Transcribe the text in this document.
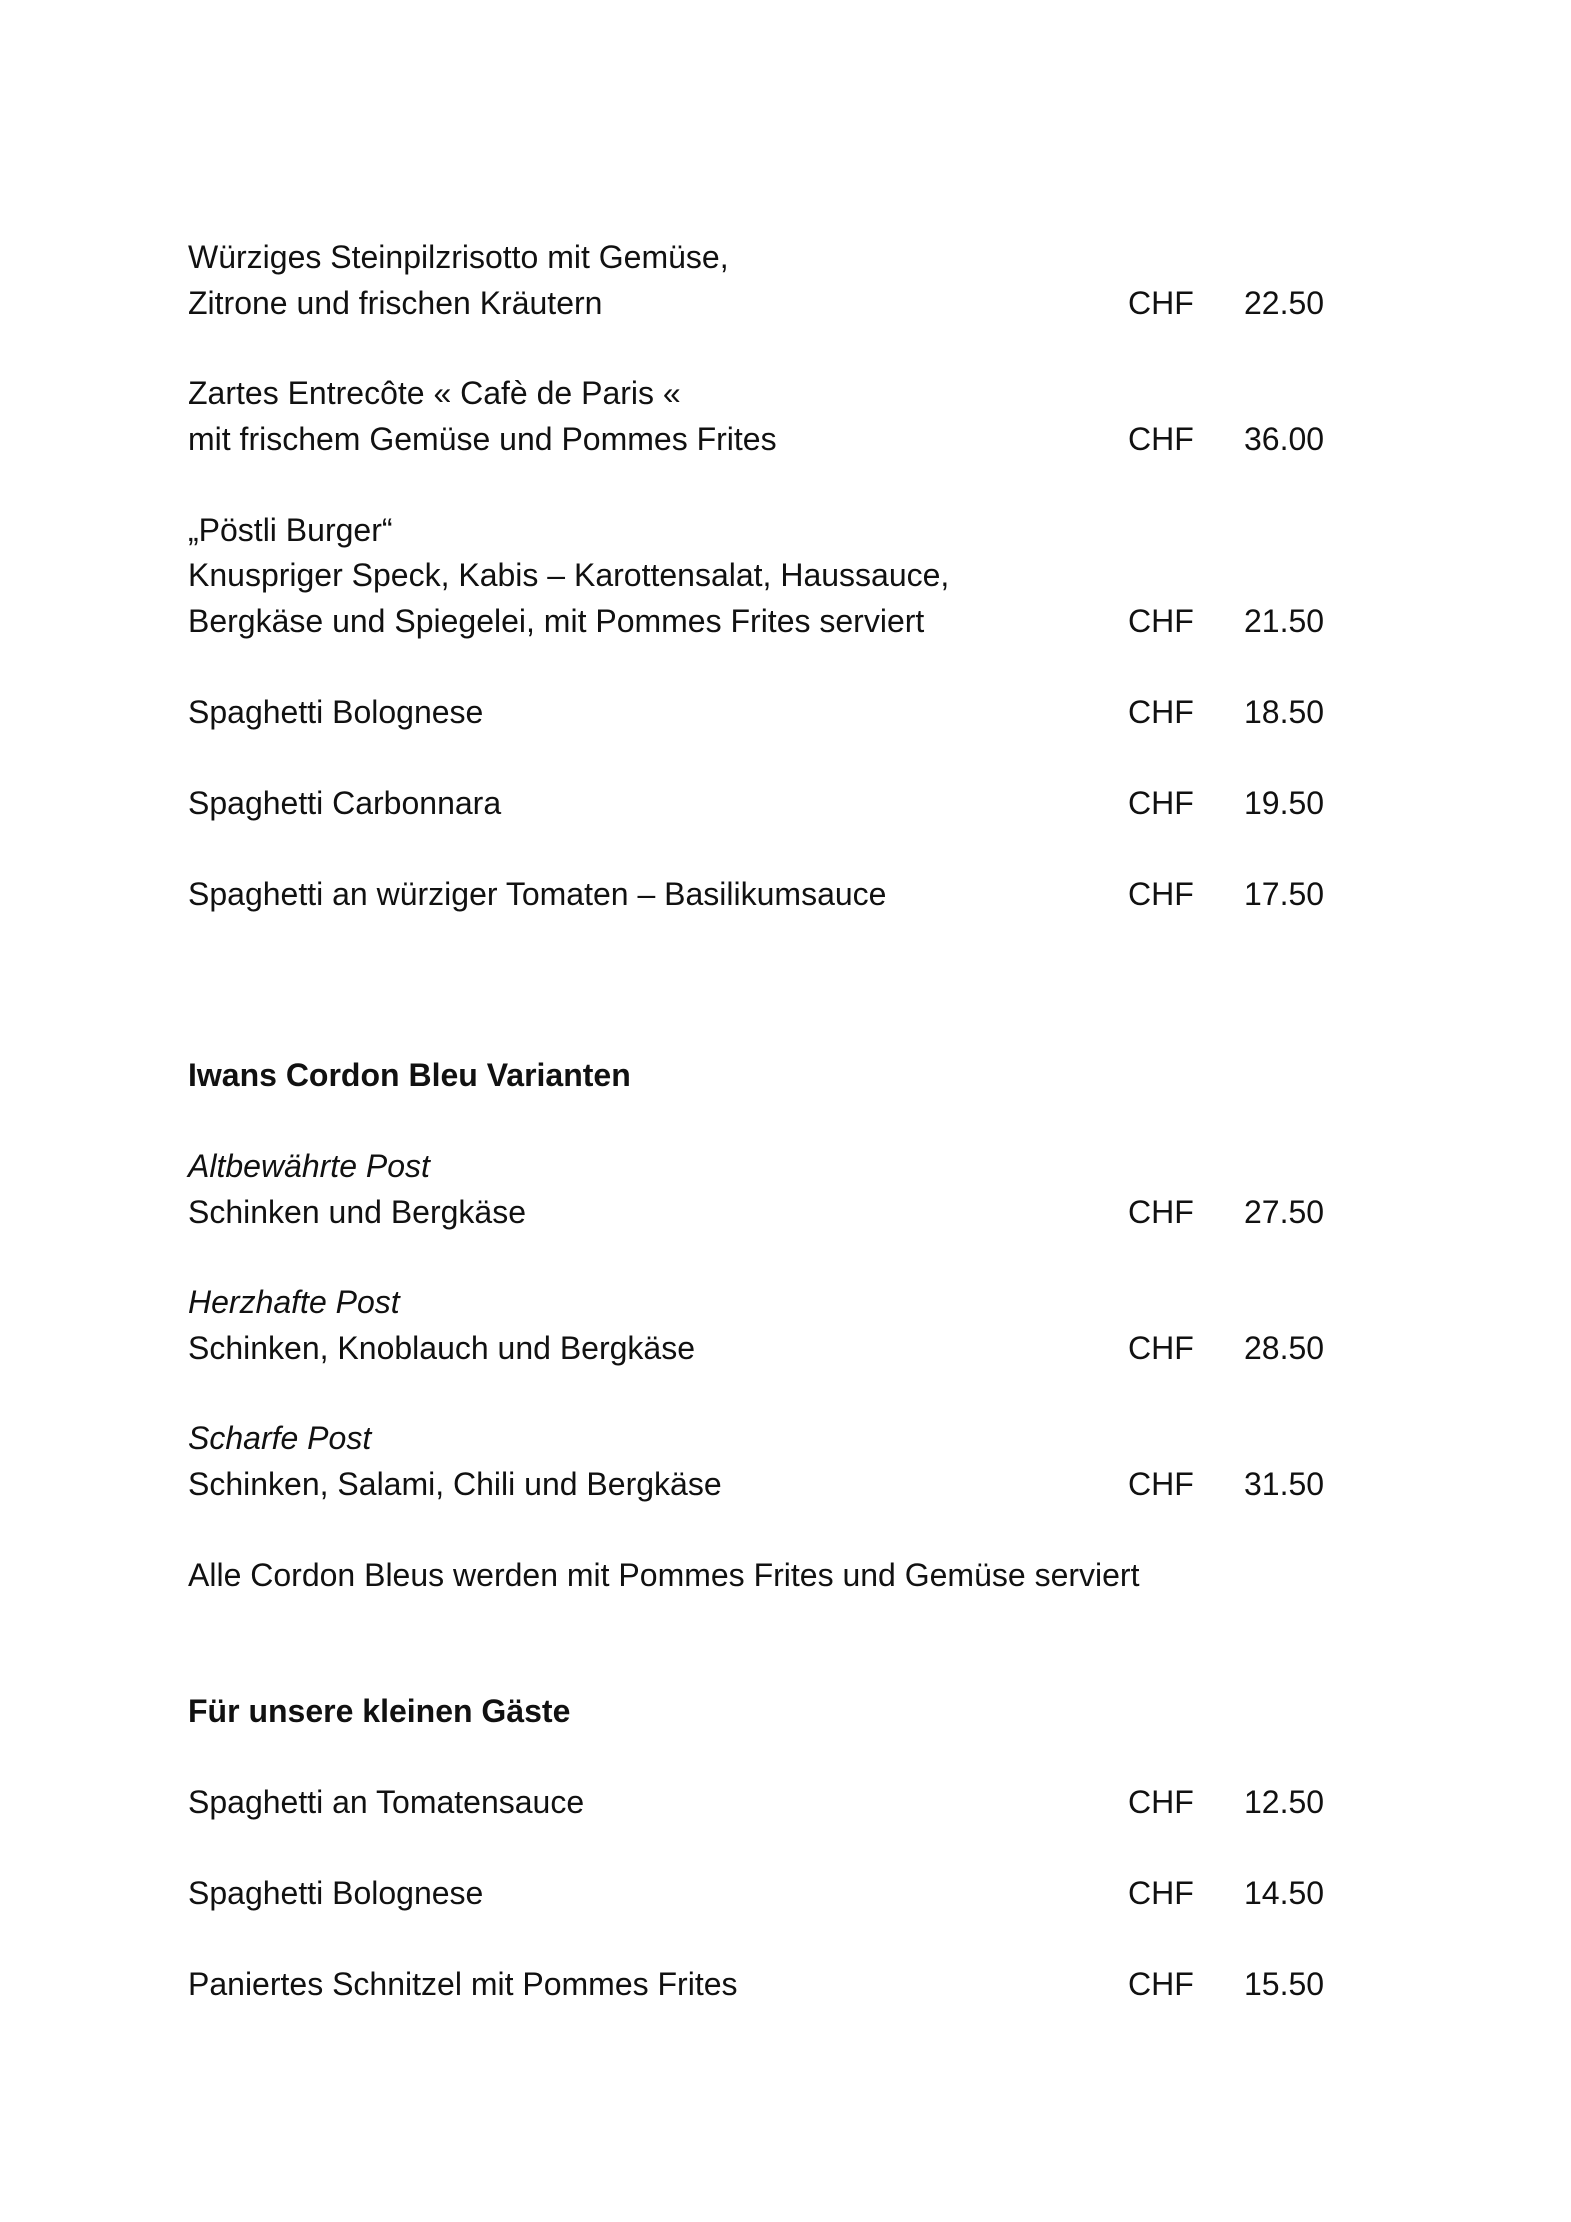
Würziges Steinpilzrisotto mit Gemüse,
Zitrone und frischen Kräutern	CHF 22.50
Zartes Entrecôte « Cafè de Paris «
mit frischem Gemüse und Pommes Frites	CHF 36.00
„Pöstli Burger“
Knuspriger Speck, Kabis – Karottensalat, Haussauce,
Bergkäse und Spiegelei, mit Pommes Frites serviert	CHF 21.50
Spaghetti Bolognese	CHF 18.50
Spaghetti Carbonnara	CHF 19.50
Spaghetti an würziger Tomaten – Basilikumsauce	CHF 17.50
Iwans Cordon Bleu Varianten
Altbewährte Post
Schinken und Bergkäse	CHF 27.50
Herzhafte Post
Schinken, Knoblauch und Bergkäse	CHF 28.50
Scharfe Post
Schinken, Salami, Chili und Bergkäse	CHF 31.50
Alle Cordon Bleus werden mit Pommes Frites und Gemüse serviert
Für unsere kleinen Gäste
Spaghetti an Tomatensauce	CHF 12.50
Spaghetti Bolognese	CHF 14.50
Paniertes Schnitzel mit Pommes Frites	CHF 15.50
